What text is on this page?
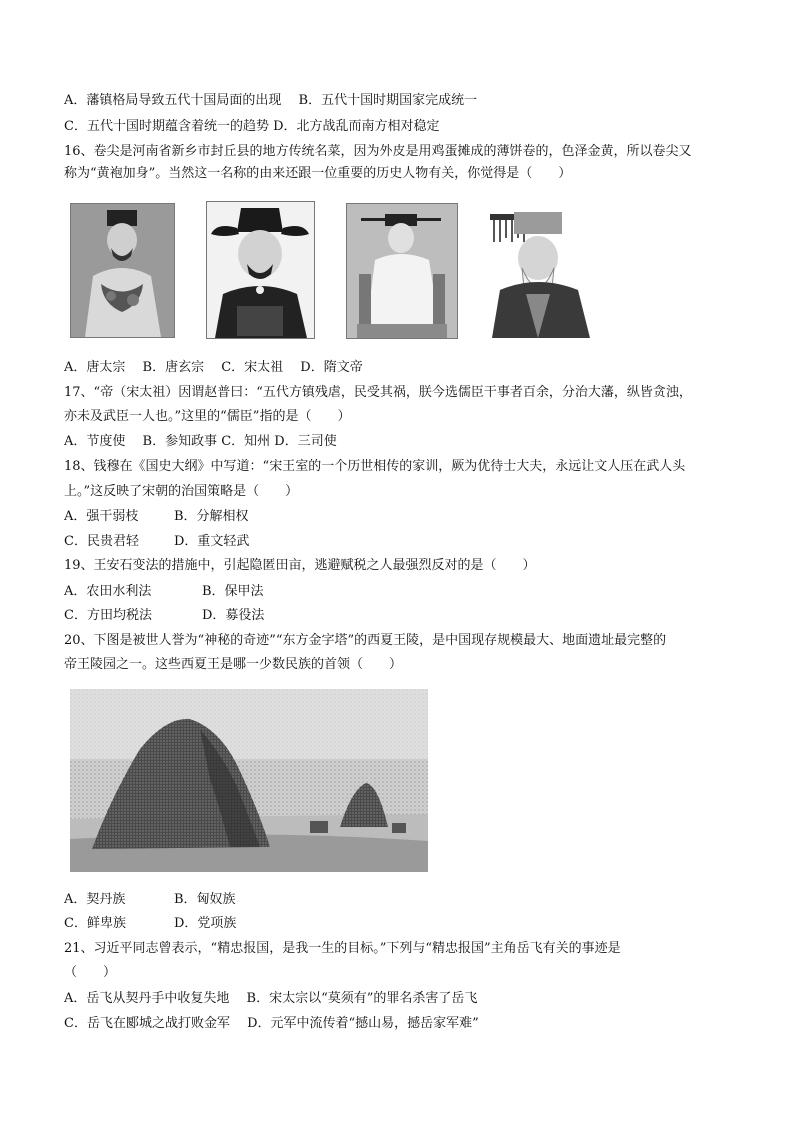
A．藩镇格局导致五代十国局面的出现　 B．五代十国时期国家完成统一
C．五代十国时期蕴含着统一的趋势 D．北方战乱而南方相对稳定
16、卷尖是河南省新乡市封丘县的地方传统名菜，因为外皮是用鸡蛋摊成的薄饼卷的，色泽金黄，所以卷尖又
称为“黄袍加身”。当然这一名称的由来还跟一位重要的历史人物有关，你觉得是（　　）
A．唐太宗　 B．唐玄宗　 C．宋太祖　 D．隋文帝
17、“帝（宋太祖）因谓赵普曰：“五代方镇残虐，民受其祸，朕今选儒臣干事者百余，分治大藩，纵皆贪浊，
亦未及武臣一人也。”这里的“儒臣”指的是（　　）
A．节度使　 B．参知政事 C．知州 D．三司使
18、钱穆在《国史大纲》中写道：“宋王室的一个历世相传的家训，厥为优待士大夫，永远让文人压在武人头
上。”这反映了宋朝的治国策略是（　　）
A．强干弱枝	B．分解相权
C．民贵君轻	D．重文轻武
19、王安石变法的措施中，引起隐匿田亩，逃避赋税之人最强烈反对的是（　　）
A．农田水利法	B．保甲法
C．方田均税法	D．募役法
20、下图是被世人誉为“神秘的奇迹”“东方金字塔”的西夏王陵，是中国现存规模最大、地面遗址最完整的
帝王陵园之一。这些西夏王是哪一少数民族的首领（　　）
A．契丹族	B．匈奴族
C．鲜卑族	D．党项族
21、习近平同志曾表示，“精忠报国，是我一生的目标。”下列与“精忠报国”主角岳飞有关的事迹是
（　　）
A．岳飞从契丹手中收复失地　 B．宋太宗以“莫须有”的罪名杀害了岳飞
C．岳飞在郾城之战打败金军　 D．元军中流传着“撼山易，撼岳家军难”
